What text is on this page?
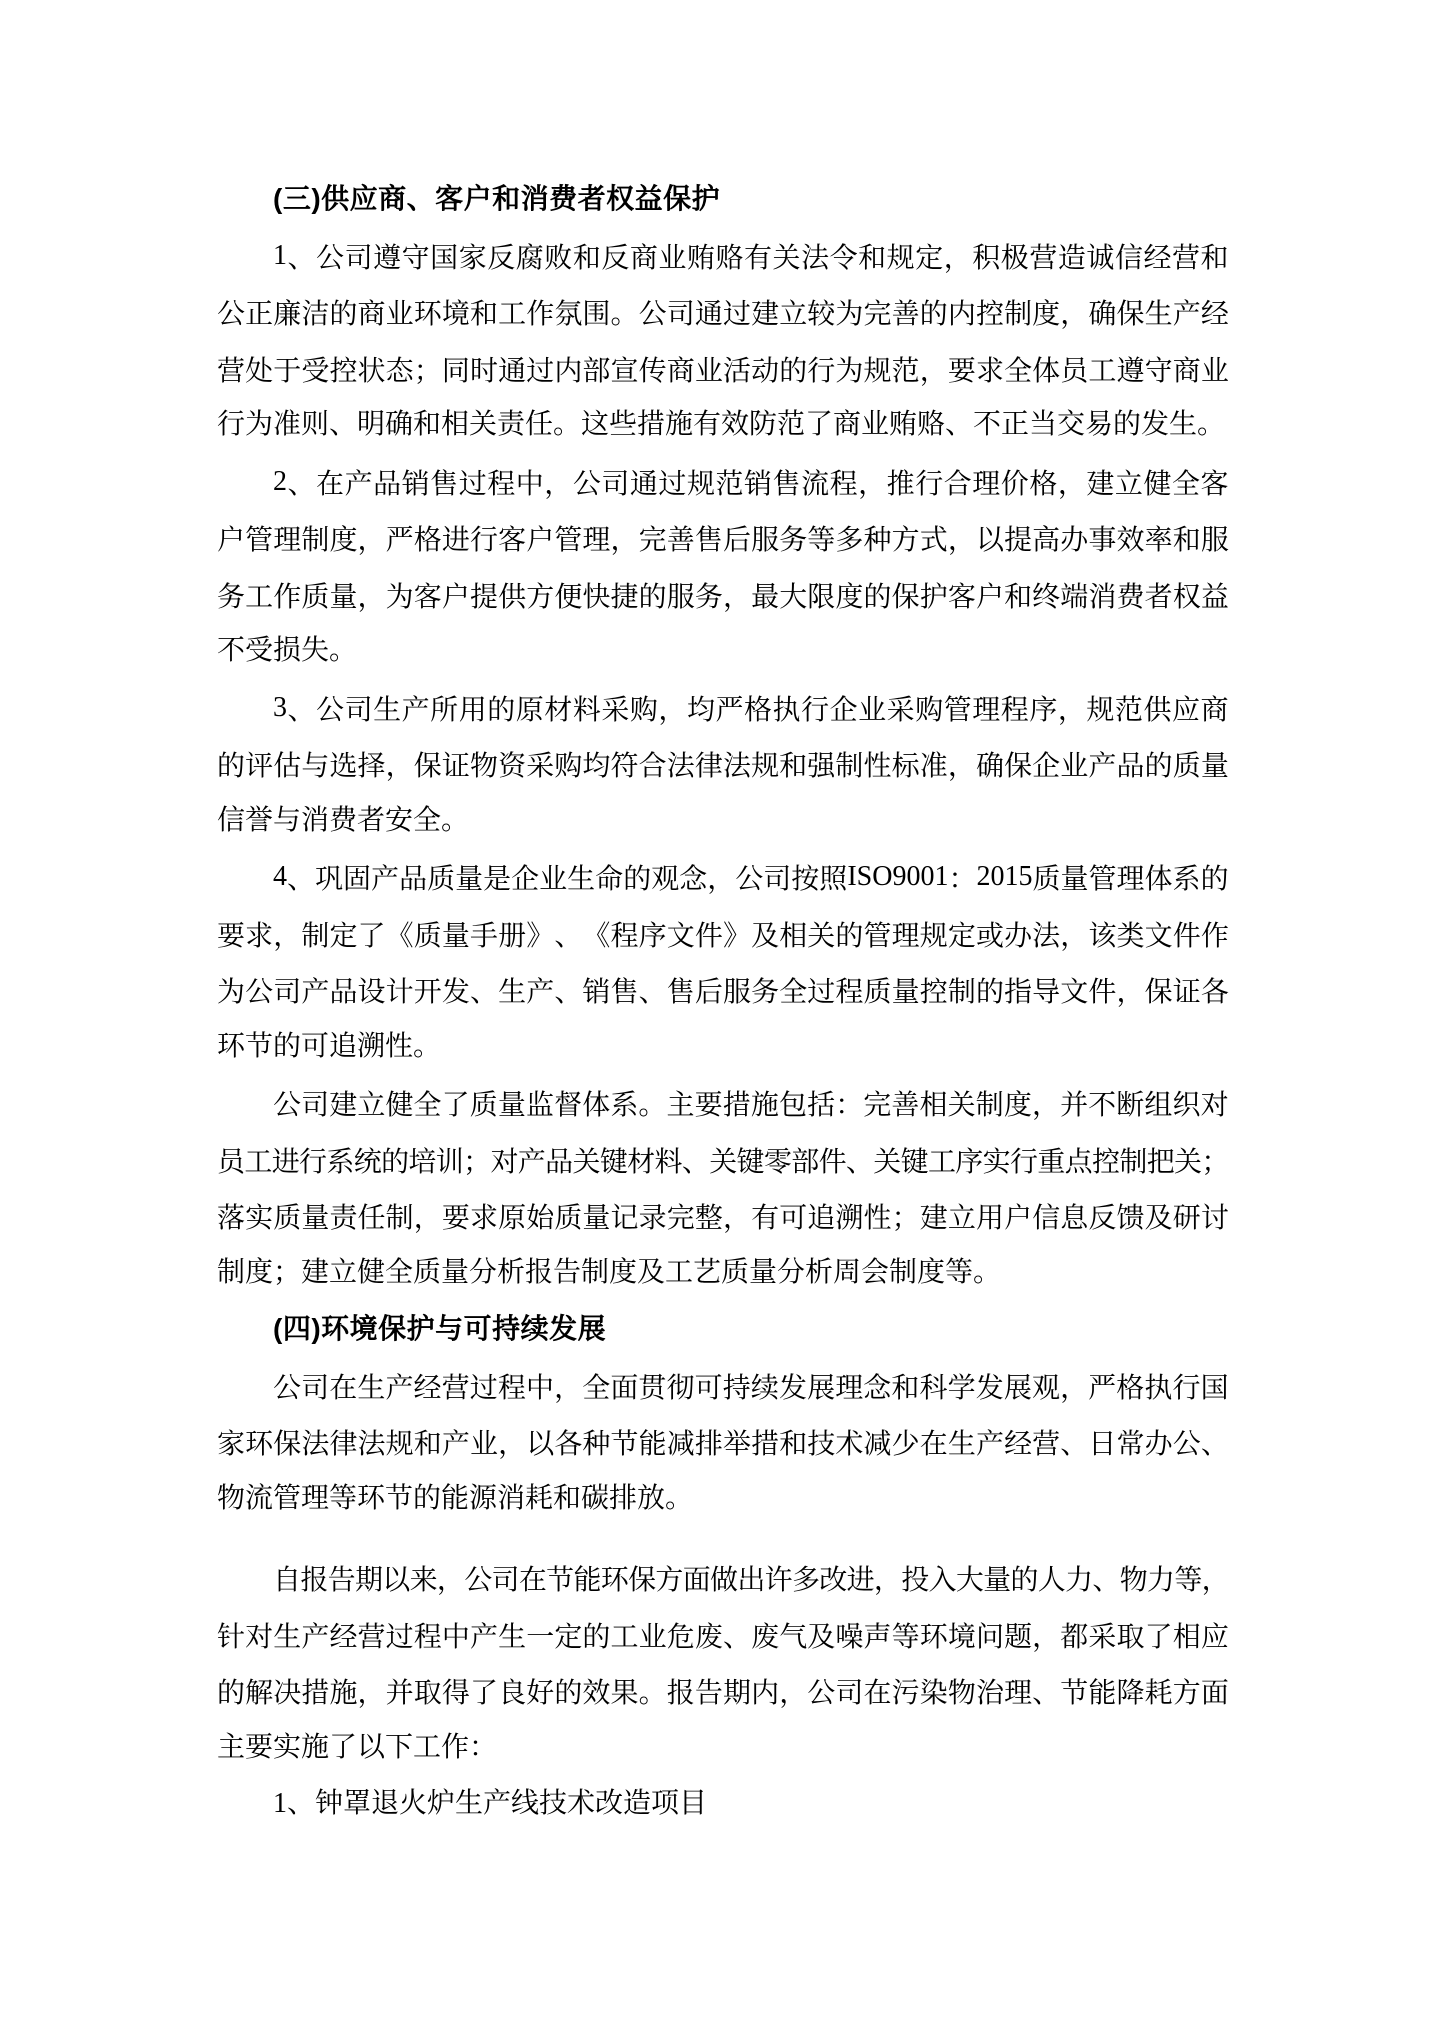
(三)供应商、客户和消费者权益保护
1 、 公 司 遵 守 国 家 反 腐 败 和 反 商 业 贿 赂 有 关 法 令 和 规 定 ， 积 极 营 造 诚 信 经 营 和
公 正 廉 洁 的 商 业 环 境 和 工 作 氛 围 。 公 司 通 过 建 立 较 为 完 善 的 内 控 制 度 ， 确 保 生 产 经
营 处 于 受 控 状 态 ； 同 时 通 过 内 部 宣 传 商 业 活 动 的 行 为 规 范 ， 要 求 全 体 员 工 遵 守 商 业
行为准则、明确和相关责任。这些措施有效防范了商业贿赂、不正当交易的发生。
2 、 在 产 品 销 售 过 程 中 ， 公 司 通 过 规 范 销 售 流 程 ， 推 行 合 理 价 格 ， 建 立 健 全 客
户 管 理 制 度 ， 严 格 进 行 客 户 管 理 ， 完 善 售 后 服 务 等 多 种 方 式 ， 以 提 高 办 事 效 率 和 服
务 工 作 质 量 ， 为 客 户 提 供 方 便 快 捷 的 服 务 ， 最 大 限 度 的 保 护 客 户 和 终 端 消 费 者 权 益
不受损失。
3 、 公 司 生 产 所 用 的 原 材 料 采 购 ， 均 严 格 执 行 企 业 采 购 管 理 程 序 ， 规 范 供 应 商
的 评 估 与 选 择 ， 保 证 物 资 采 购 均 符 合 法 律 法 规 和 强 制 性 标 准 ， 确 保 企 业 产 品 的 质 量
信誉与消费者安全。
4 、 巩 固 产 品 质 量 是 企 业 生 命 的 观 念 ， 公 司 按 照 I S O 9 0 0 1 ： 2 0 1 5 质 量 管 理 体 系 的
要 求 ， 制 定 了 《 质 量 手 册 》 、 《 程 序 文 件 》 及 相 关 的 管 理 规 定 或 办 法 ， 该 类 文 件 作
为 公 司 产 品 设 计 开 发 、 生 产 、 销 售 、 售 后 服 务 全 过 程 质 量 控 制 的 指 导 文 件 ， 保 证 各
环节的可追溯性。
公 司 建 立 健 全 了 质 量 监 督 体 系 。 主 要 措 施 包 括 ： 完 善 相 关 制 度 ， 并 不 断 组 织 对
员 工 进 行 系 统 的 培 训 ； 对 产 品 关 键 材 料 、 关 键 零 部 件 、 关 键 工 序 实 行 重 点 控 制 把 关 ；
落 实 质 量 责 任 制 ， 要 求 原 始 质 量 记 录 完 整 ， 有 可 追 溯 性 ； 建 立 用 户 信 息 反 馈 及 研 讨
制度；建立健全质量分析报告制度及工艺质量分析周会制度等。
(四)环境保护与可持续发展
公 司 在 生 产 经 营 过 程 中 ， 全 面 贯 彻 可 持 续 发 展 理 念 和 科 学 发 展 观 ， 严 格 执 行 国
家 环 保 法 律 法 规 和 产 业 ， 以 各 种 节 能 减 排 举 措 和 技 术 减 少 在 生 产 经 营 、 日 常 办 公 、
物流管理等环节的能源消耗和碳排放。
自 报 告 期 以 来 ， 公 司 在 节 能 环 保 方 面 做 出 许 多 改 进 ， 投 入 大 量 的 人 力 、 物 力 等 ，
针 对 生 产 经 营 过 程 中 产 生 一 定 的 工 业 危 废 、 废 气 及 噪 声 等 环 境 问 题 ， 都 采 取 了 相 应
的 解 决 措 施 ， 并 取 得 了 良 好 的 效 果 。 报 告 期 内 ， 公 司 在 污 染 物 治 理 、 节 能 降 耗 方 面
主要实施了以下工作：
1、钟罩退火炉生产线技术改造项目
